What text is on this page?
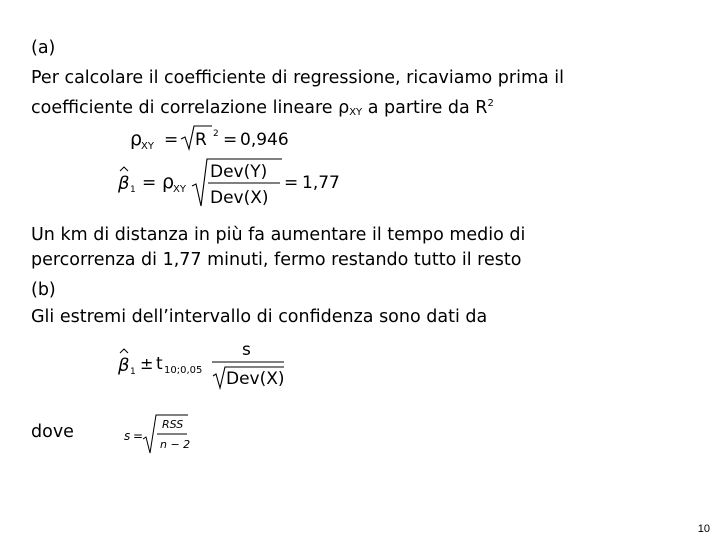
(a)
Per calcolare il coefficiente di regressione, ricaviamo prima il
coefficiente di correlazione lineare $\rho_{XY}$ a partire da $R^2$
ρ
XY = R 2 = 0,946
β 1 = ρ
XY
Dev(Y)
Dev(X)
= 1,77
Un km di distanza in più fa aumentare il tempo medio di
percorrenza di 1,77 minuti, fermo restando tutto il resto
(b)
Gli estremi dell’intervallo di confidenza sono dati da
β 1 ± t 10;0,05
s
Dev(X)
dove	s =
RSS
n − 2
10
